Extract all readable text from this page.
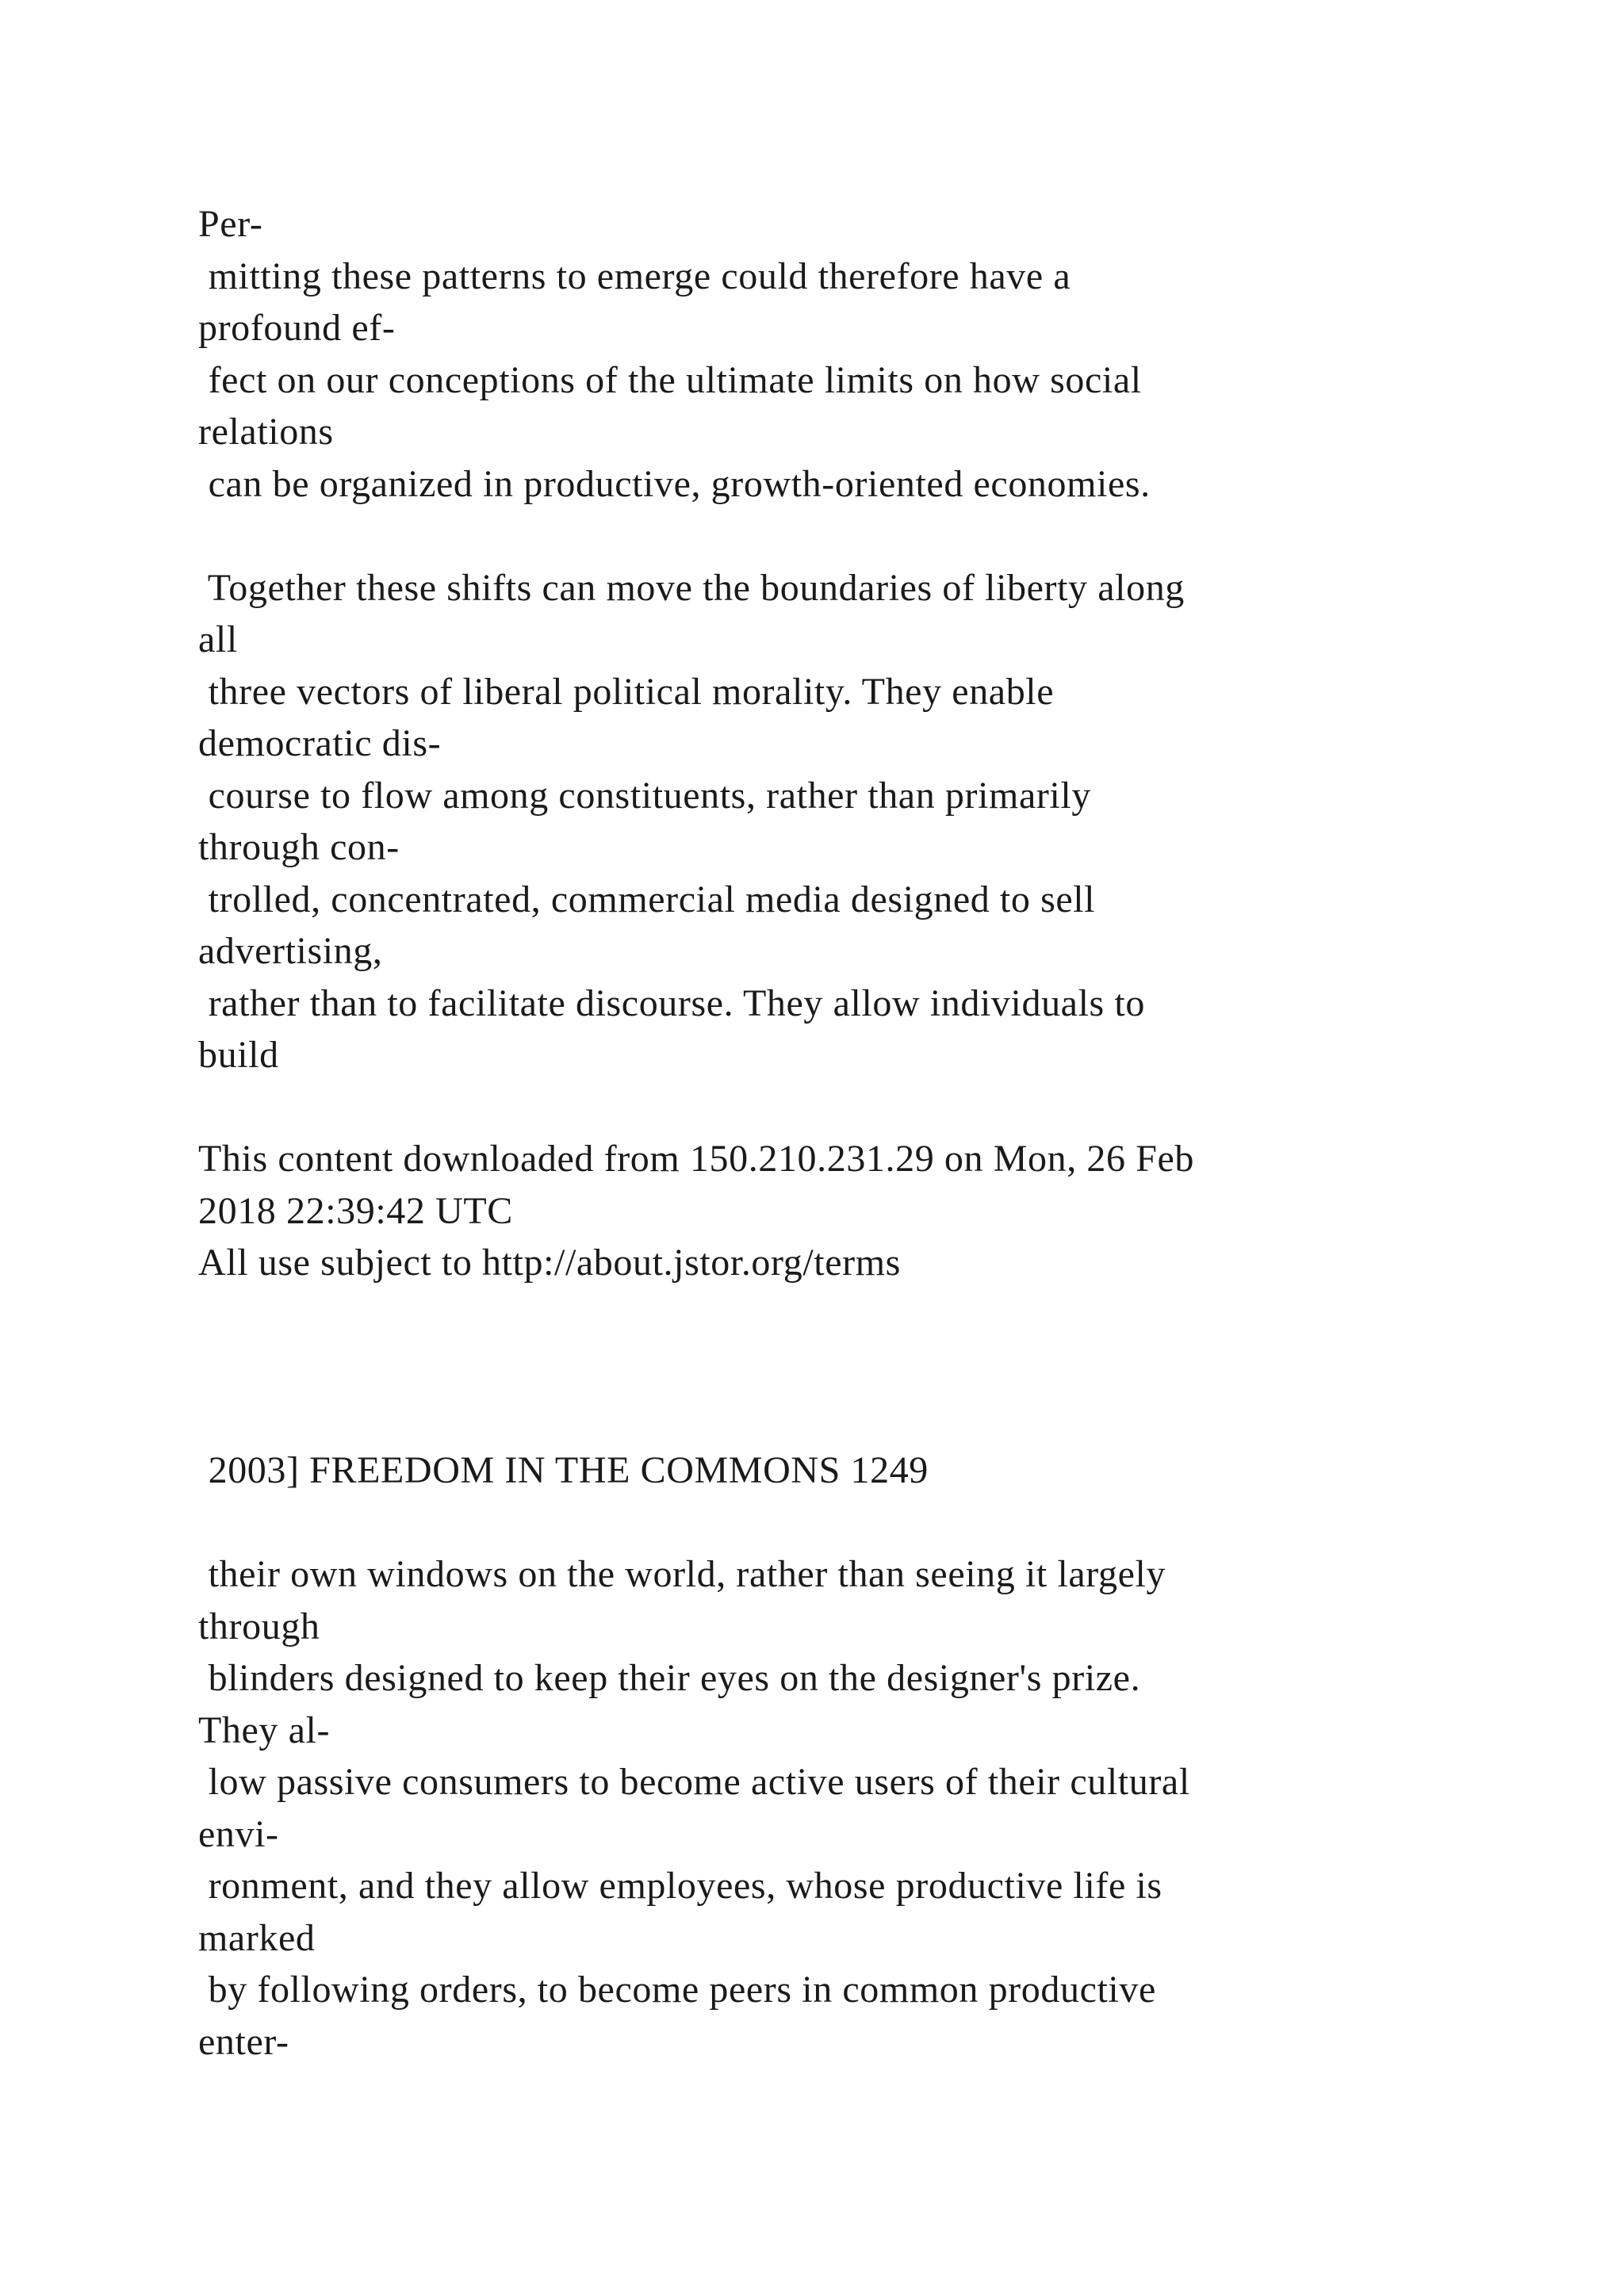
Per-
mitting these patterns to emerge could therefore have a
profound ef-
fect on our conceptions of the ultimate limits on how social
relations
can be organized in productive, growth-oriented economies.
Together these shifts can move the boundaries of liberty along
all
three vectors of liberal political morality. They enable
democratic dis-
course to flow among constituents, rather than primarily
through con-
trolled, concentrated, commercial media designed to sell
advertising,
rather than to facilitate discourse. They allow individuals to
build
This content downloaded from 150.210.231.29 on Mon, 26 Feb
2018 22:39:42 UTC
All use subject to http://about.jstor.org/terms
2003] FREEDOM IN THE COMMONS 1249
their own windows on the world, rather than seeing it largely
through
blinders designed to keep their eyes on the designer's prize.
They al-
low passive consumers to become active users of their cultural
envi-
ronment, and they allow employees, whose productive life is
marked
by following orders, to become peers in common productive
enter-
